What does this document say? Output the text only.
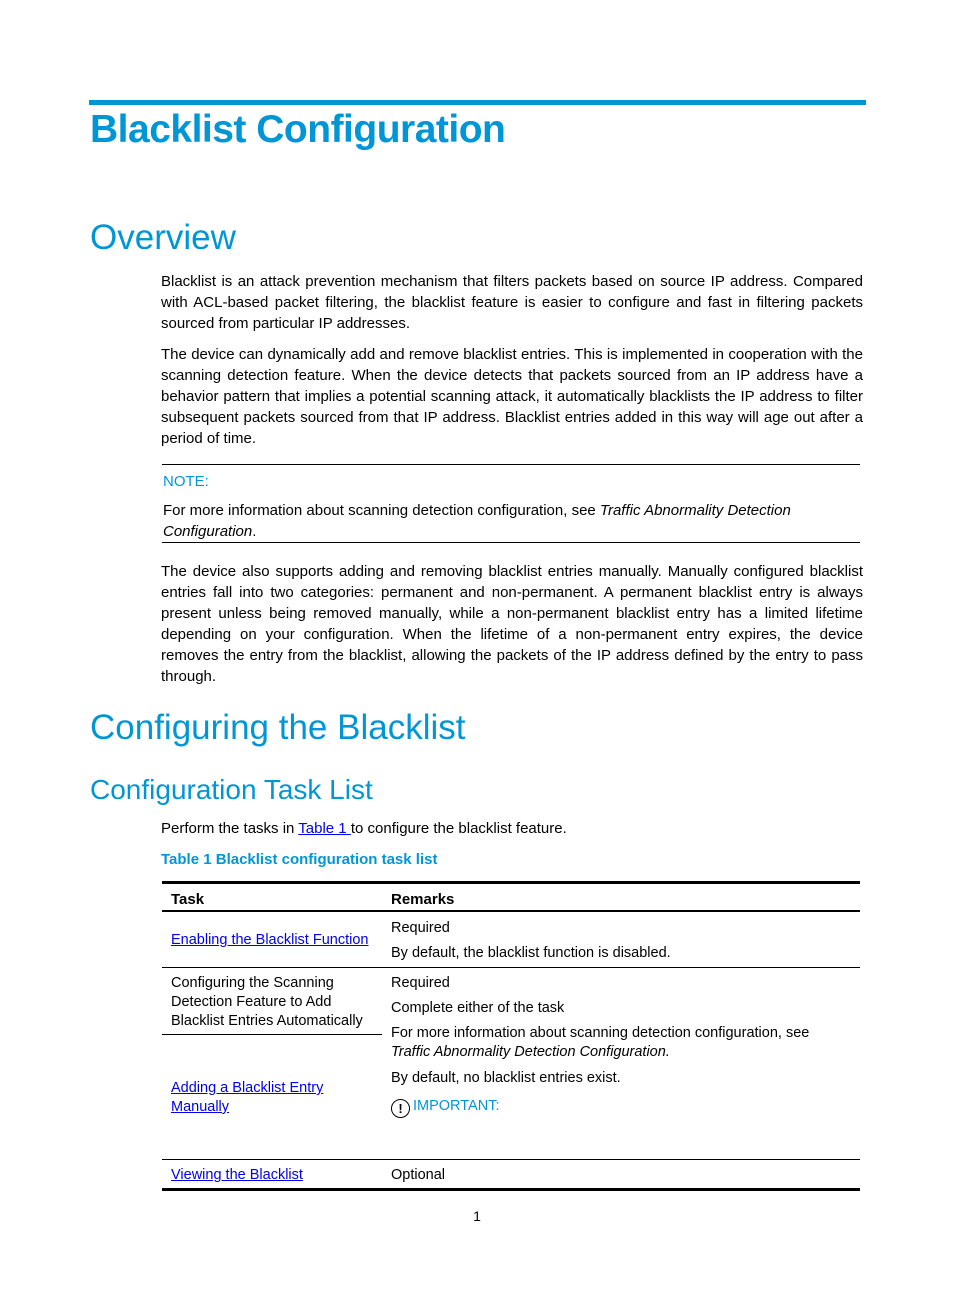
Blacklist Configuration
Overview
Blacklist is an attack prevention mechanism that filters packets based on source IP address. Compared with ACL-based packet filtering, the blacklist feature is easier to configure and fast in filtering packets sourced from particular IP addresses.
The device can dynamically add and remove blacklist entries. This is implemented in cooperation with the scanning detection feature. When the device detects that packets sourced from an IP address have a behavior pattern that implies a potential scanning attack, it automatically blacklists the IP address to filter subsequent packets sourced from that IP address. Blacklist entries added in this way will age out after a period of time.
NOTE:
For more information about scanning detection configuration, see Traffic Abnormality Detection Configuration.
The device also supports adding and removing blacklist entries manually. Manually configured blacklist entries fall into two categories: permanent and non-permanent. A permanent blacklist entry is always present unless being removed manually, while a non-permanent blacklist entry has a limited lifetime depending on your configuration. When the lifetime of a non-permanent entry expires, the device removes the entry from the blacklist, allowing the packets of the IP address defined by the entry to pass through.
Configuring the Blacklist
Configuration Task List
Perform the tasks in Table 1 to configure the blacklist feature.
Table 1 Blacklist configuration task list
Task	Remarks
Enabling the Blacklist Function
Required
By default, the blacklist function is disabled.
Configuring the Scanning Detection Feature to Add Blacklist Entries Automatically
Required
Complete either of the task
For more information about scanning detection configuration, see Traffic Abnormality Detection Configuration.
By default, no blacklist entries exist.
! IMPORTANT:
Adding a Blacklist Entry Manually
Viewing the Blacklist	Optional
1
